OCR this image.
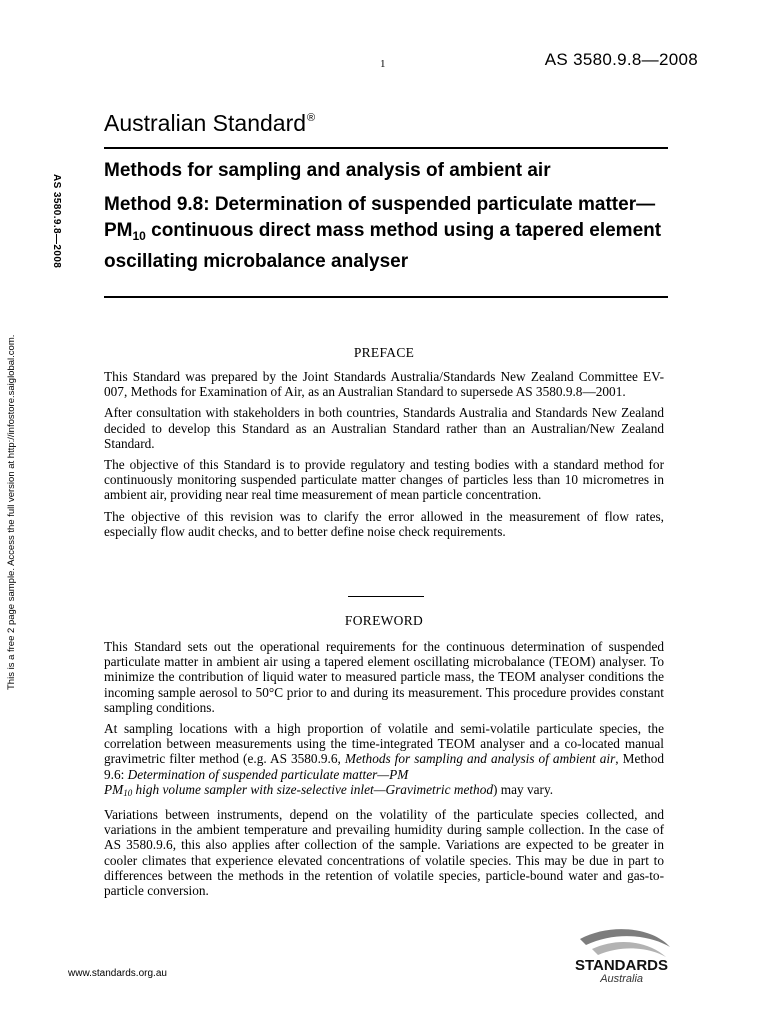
1	AS 3580.9.8—2008
Australian Standard®
Methods for sampling and analysis of ambient air
Method 9.8: Determination of suspended particulate $matter—PM_{10}$ continuous direct mass method using a tapered element oscillating microbalance analyser
AS 3580.9.8—2008
This is a free 2 page sample. Access the full version at http://infostore.saiglobal.com.	PREFACE

This Standard was prepared by the Joint Standards Australia/Standards New Zealand Committee EV-007, Methods for Examination of Air, as an Australian Standard to supersede AS 3580.9.8—2001.

After consultation with stakeholders in both countries, Standards Australia and Standards New Zealand decided to develop this Standard as an Australian Standard rather than an Australian/New Zealand Standard.

The objective of this Standard is to provide regulatory and testing bodies with a standard method for continuously monitoring suspended particulate matter changes of particles less than 10 micrometres in ambient air, providing near real time measurement of mean particle concentration.

The objective of this revision was to clarify the error allowed in the measurement of flow rates, especially flow audit checks, and to better define noise check requirements.

FOREWORD

This Standard sets out the operational requirements for the continuous determination of suspended particulate matter in ambient air using a tapered element oscillating microbalance (TEOM) analyser. To minimize the contribution of liquid water to measured particle mass, the TEOM analyser conditions the incoming sample aerosol to 50°C prior to and during its measurement. This procedure provides constant sampling conditions.

At sampling locations with a high proportion of volatile and semi-volatile particulate species, the correlation between measurements using the time-integrated TEOM analyser and a co-located manual gravimetric filter method (e.g. AS 3580.9.6, Methods for sampling and analysis of ambient air, Method 9.6: Determination of suspended particulate matter—PM
$PM_{10}$ high volume sampler with size-selective inlet—Gravimetric method) may vary.

Variations between instruments, depend on the volatility of the particulate species collected, and variations in the ambient temperature and prevailing humidity during sample collection. In the case of AS 3580.9.6, this also applies after collection of the sample. Variations are expected to be greater in cooler climates that experience elevated concentrations of volatile species. This may be due in part to differences between the methods in the retention of volatile species, particle-bound water and gas-to-particle conversion.

www.standards.org.au	STANDARDS
Australia
